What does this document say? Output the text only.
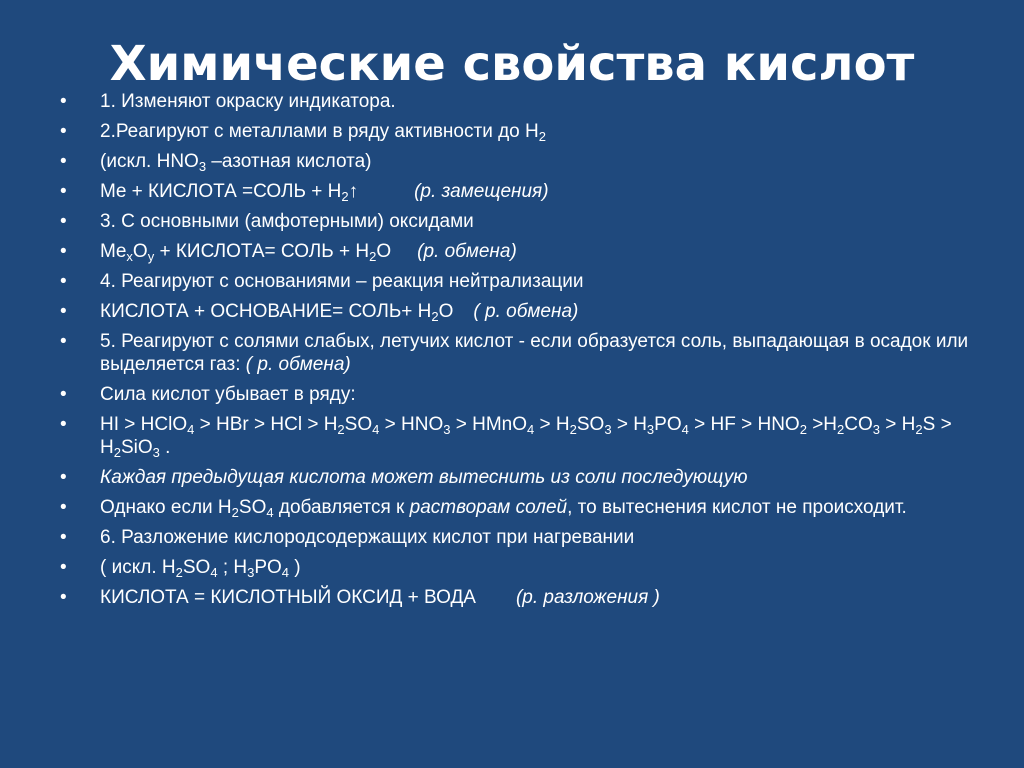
Химические свойства кислот
• 1. Изменяют окраску индикатора.
• 2.Реагируют с металлами в ряду активности до $H_2$
• (искл. $HNO_3$ –азотная кислота)
• Me + КИСЛОТА =СОЛЬ + $H_2↑$	(р. замещения)
• 3. С основными (амфотерными) оксидами
• $Me_xO_y$ + КИСЛОТА= СОЛЬ + $H_2O$ (р. обмена)
• 4. Реагируют с основаниями – реакция нейтрализации
• КИСЛОТА + ОСНОВАНИЕ= СОЛЬ+ $H_2O$ ( р. обмена)
• 5. Реагируют с солями слабых, летучих кислот - если образуется соль, выпадающая в осадок или выделяется газ: ( р. обмена)
• Сила кислот убывает в ряду:
• HI > HClO$_4$ > HBr > HCl > $H_2SO_4 > HNO_3$ > HMnO$_4$ > $H_2SO_3 > H_3PO_4$ > HF > $HNO_2 >H_2CO_3 > H_2S > H_2SiO_3$ .
• Каждая предыдущая кислота может вытеснить из соли последующую
• Однако если $H_2SO_4$ добавляется к растворам солей, то вытеснения кислот не происходит.
• 6. Разложение кислородсодержащих кислот при нагревании
• ( искл. $H_2SO_4$ ; $H_3PO_4$ )
• КИСЛОТА = КИСЛОТНЫЙ ОКСИД + ВОДА (р. разложения )
